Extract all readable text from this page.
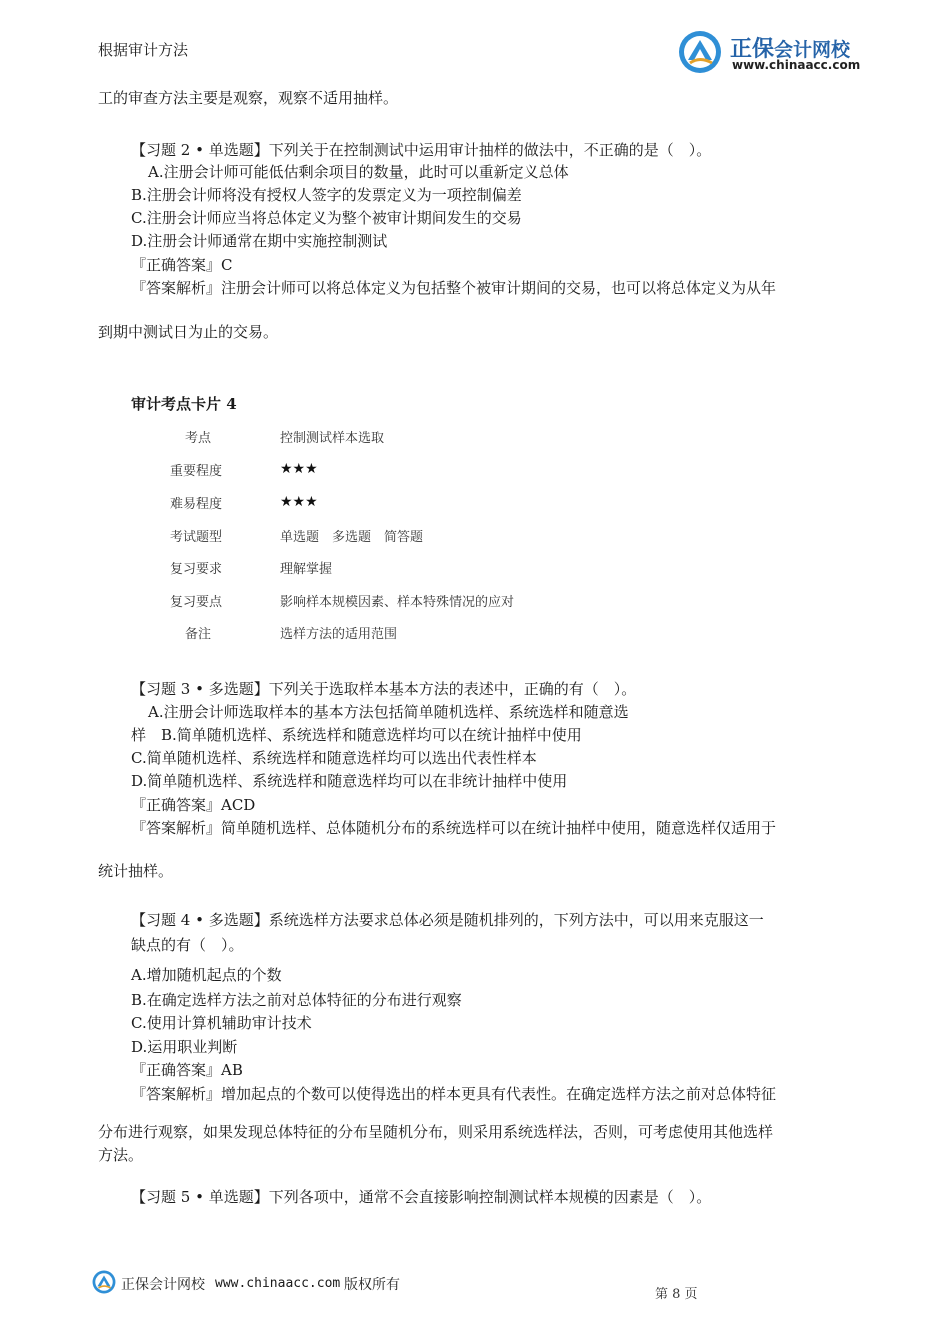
根据审计方法	正保会计网校
www.chinaacc.com
工的审查方法主要是观察，观察不适用抽样。
【习题 2 • 单选题】下列关于在控制测试中运用审计抽样的做法中，不正确的是（　）。
A.注册会计师可能低估剩余项目的数量，此时可以重新定义总体
B.注册会计师将没有授权人签字的发票定义为一项控制偏差
C.注册会计师应当将总体定义为整个被审计期间发生的交易
D.注册会计师通常在期中实施控制测试
『正确答案』C
『答案解析』注册会计师可以将总体定义为包括整个被审计期间的交易，也可以将总体定义为从年
到期中测试日为止的交易。
审计考点卡片 4
考点	控制测试样本选取
重要程度	★★★
难易程度	★★★
考试题型	单选题　多选题　简答题
复习要求	理解掌握
复习要点	影响样本规模因素、样本特殊情况的应对
备注	选样方法的适用范围
【习题 3 • 多选题】下列关于选取样本基本方法的表述中，正确的有（　）。
A.注册会计师选取样本的基本方法包括简单随机选样、系统选样和随意选
样　B.简单随机选样、系统选样和随意选样均可以在统计抽样中使用
C.简单随机选样、系统选样和随意选样均可以选出代表性样本
D.简单随机选样、系统选样和随意选样均可以在非统计抽样中使用
『正确答案』ACD
『答案解析』简单随机选样、总体随机分布的系统选样可以在统计抽样中使用，随意选样仅适用于
统计抽样。
【习题 4 • 多选题】系统选样方法要求总体必须是随机排列的，下列方法中，可以用来克服这一
缺点的有（　）。
A.增加随机起点的个数
B.在确定选样方法之前对总体特征的分布进行观察
C.使用计算机辅助审计技术
D.运用职业判断
『正确答案』AB
『答案解析』增加起点的个数可以使得选出的样本更具有代表性。在确定选样方法之前对总体特征
分布进行观察，如果发现总体特征的分布呈随机分布，则采用系统选样法，否则，可考虑使用其他选样
方法。
【习题 5 • 单选题】下列各项中，通常不会直接影响控制测试样本规模的因素是（　）。
正保会计网校 www.chinaacc.com 版权所有
第 8 页
